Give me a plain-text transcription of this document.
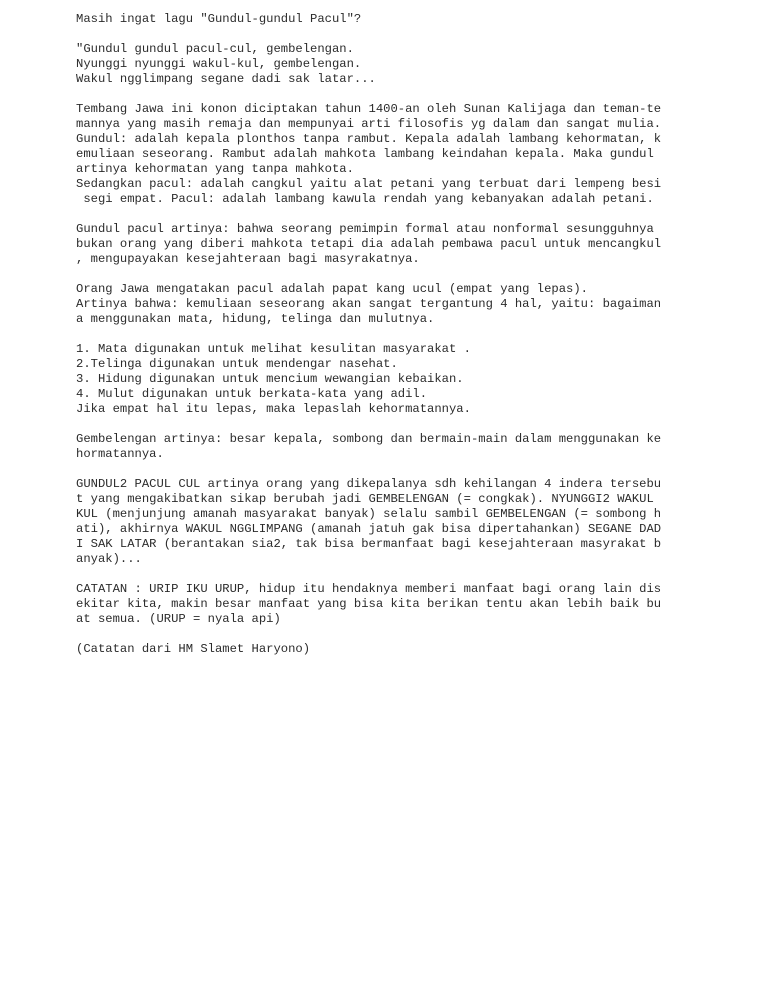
Masih ingat lagu "Gundul-gundul Pacul"?
"Gundul gundul pacul-cul, gembelengan.
Nyunggi nyunggi wakul-kul, gembelengan.
Wakul ngglimpang segane dadi sak latar...
Tembang Jawa ini konon diciptakan tahun 1400-an oleh Sunan Kalijaga dan teman-te
mannya yang masih remaja dan mempunyai arti filosofis yg dalam dan sangat mulia.
Gundul: adalah kepala plonthos tanpa rambut. Kepala adalah lambang kehormatan, k
emuliaan seseorang. Rambut adalah mahkota lambang keindahan kepala. Maka gundul
artinya kehormatan yang tanpa mahkota.
Sedangkan pacul: adalah cangkul yaitu alat petani yang terbuat dari lempeng besi
segi empat. Pacul: adalah lambang kawula rendah yang kebanyakan adalah petani.
Gundul pacul artinya: bahwa seorang pemimpin formal atau nonformal sesungguhnya
bukan orang yang diberi mahkota tetapi dia adalah pembawa pacul untuk mencangkul
, mengupayakan kesejahteraan bagi masyrakatnya.
Orang Jawa mengatakan pacul adalah papat kang ucul (empat yang lepas).
Artinya bahwa: kemuliaan seseorang akan sangat tergantung 4 hal, yaitu: bagaiman
a menggunakan mata, hidung, telinga dan mulutnya.
1. Mata digunakan untuk melihat kesulitan masyarakat .
2.Telinga digunakan untuk mendengar nasehat.
3. Hidung digunakan untuk mencium wewangian kebaikan.
4. Mulut digunakan untuk berkata-kata yang adil.
Jika empat hal itu lepas, maka lepaslah kehormatannya.
Gembelengan artinya: besar kepala, sombong dan bermain-main dalam menggunakan ke
hormatannya.
GUNDUL2 PACUL CUL artinya orang yang dikepalanya sdh kehilangan 4 indera tersebu
t yang mengakibatkan sikap berubah jadi GEMBELENGAN (= congkak). NYUNGGI2 WAKUL
KUL (menjunjung amanah masyarakat banyak) selalu sambil GEMBELENGAN (= sombong h
ati), akhirnya WAKUL NGGLIMPANG (amanah jatuh gak bisa dipertahankan) SEGANE DAD
I SAK LATAR (berantakan sia2, tak bisa bermanfaat bagi kesejahteraan masyrakat b
anyak)...
CATATAN : URIP IKU URUP, hidup itu hendaknya memberi manfaat bagi orang lain dis
ekitar kita, makin besar manfaat yang bisa kita berikan tentu akan lebih baik bu
at semua. (URUP = nyala api)
(Catatan dari HM Slamet Haryono)
